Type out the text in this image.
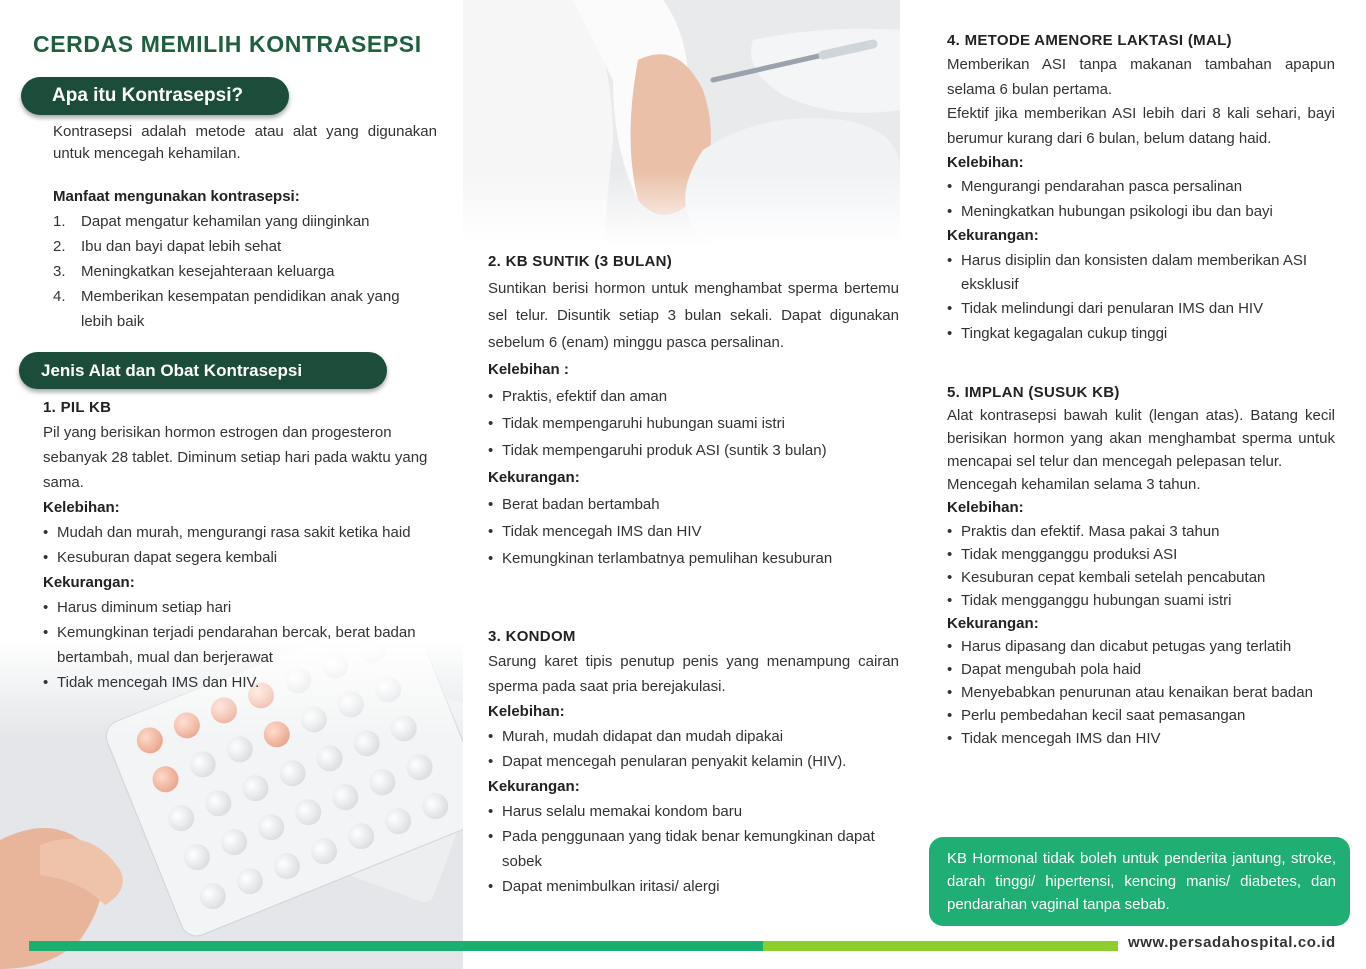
CERDAS MEMILIH KONTRASEPSI
Apa itu Kontrasepsi?
Kontrasepsi adalah metode atau alat yang digunakan untuk mencegah kehamilan.
Manfaat mengunakan kontrasepsi:
1. Dapat mengatur kehamilan yang diinginkan
2. Ibu dan bayi dapat lebih sehat
3. Meningkatkan kesejahteraan keluarga
4. Memberikan kesempatan pendidikan anak yang lebih baik
Jenis Alat dan Obat Kontrasepsi
1. PIL KB
Pil yang berisikan hormon estrogen dan progesteron sebanyak 28 tablet. Diminum setiap hari pada waktu yang sama.
Kelebihan:
• Mudah dan murah, mengurangi rasa sakit ketika haid
• Kesuburan dapat segera kembali
Kekurangan:
• Harus diminum setiap hari
• Kemungkinan terjadi pendarahan bercak, berat badan bertambah, mual dan berjerawat
• Tidak mencegah IMS dan HIV.
2. KB SUNTIK (3 BULAN)
Suntikan berisi hormon untuk menghambat sperma bertemu sel telur. Disuntik setiap 3 bulan sekali. Dapat digunakan sebelum 6 (enam) minggu pasca persalinan.
Kelebihan :
• Praktis, efektif dan aman
• Tidak mempengaruhi hubungan suami istri
• Tidak mempengaruhi produk ASI (suntik 3 bulan)
Kekurangan:
• Berat badan bertambah
• Tidak mencegah IMS dan HIV
• Kemungkinan terlambatnya pemulihan kesuburan
3. KONDOM
Sarung karet tipis penutup penis yang menampung cairan sperma pada saat pria berejakulasi.
Kelebihan:
• Murah, mudah didapat dan mudah dipakai
• Dapat mencegah penularan penyakit kelamin (HIV).
Kekurangan:
• Harus selalu memakai kondom baru
• Pada penggunaan yang tidak benar kemungkinan dapat sobek
• Dapat menimbulkan iritasi/ alergi
4. METODE AMENORE LAKTASI (MAL)
Memberikan ASI tanpa makanan tambahan apapun selama 6 bulan pertama.
Efektif jika memberikan ASI lebih dari 8 kali sehari, bayi berumur kurang dari 6 bulan, belum datang haid.
Kelebihan:
• Mengurangi pendarahan pasca persalinan
• Meningkatkan hubungan psikologi ibu dan bayi
Kekurangan:
• Harus disiplin dan konsisten dalam memberikan ASI eksklusif
• Tidak melindungi dari penularan IMS dan HIV
• Tingkat kegagalan cukup tinggi
5. IMPLAN (SUSUK KB)
Alat kontrasepsi bawah kulit (lengan atas). Batang kecil berisikan hormon yang akan menghambat sperma untuk mencapai sel telur dan mencegah pelepasan telur.
Mencegah kehamilan selama 3 tahun.
Kelebihan:
• Praktis dan efektif. Masa pakai 3 tahun
• Tidak mengganggu produksi ASI
• Kesuburan cepat kembali setelah pencabutan
• Tidak mengganggu hubungan suami istri
Kekurangan:
• Harus dipasang dan dicabut petugas yang terlatih
• Dapat mengubah pola haid
• Menyebabkan penurunan atau kenaikan berat badan
• Perlu pembedahan kecil saat pemasangan
• Tidak mencegah IMS dan HIV
KB Hormonal tidak boleh untuk penderita jantung, stroke, darah tinggi/ hipertensi, kencing manis/ diabetes, dan pendarahan vaginal tanpa sebab.
www.persadahospital.co.id
